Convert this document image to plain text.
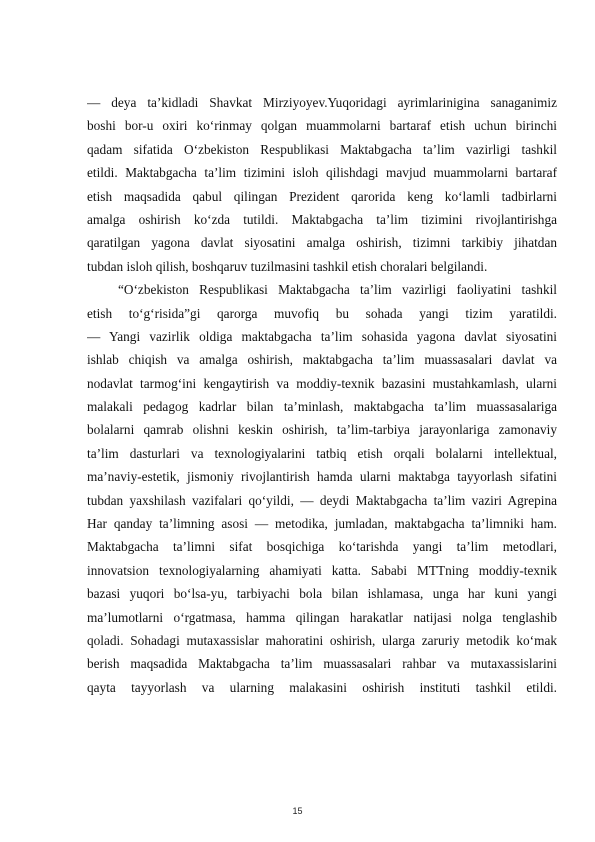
— deya ta’kidladi Shavkat Mirziyoyev.Yuqoridagi ayrimlarinigina sanaganimiz
boshi bor-u oxiri ko‘rinmay qolgan muammolarni bartaraf etish uchun birinchi
qadam sifatida O‘zbekiston Respublikasi Maktabgacha ta’lim vazirligi tashkil
etildi. Maktabgacha ta’lim tizimini isloh qilishdagi mavjud muammolarni bartaraf
etish maqsadida qabul qilingan Prezident qarorida keng ko‘lamli tadbirlarni
amalga oshirish ko‘zda tutildi. Maktabgacha ta’lim tizimini rivojlantirishga
qaratilgan yagona davlat siyosatini amalga oshirish, tizimni tarkibiy jihatdan
tubdan isloh qilish, boshqaruv tuzilmasini tashkil etish choralari belgilandi.
“O‘zbekiston Respublikasi Maktabgacha ta’lim vazirligi faoliyatini tashkil
etish to‘g‘risida”gi qarorga muvofiq bu sohada yangi tizim yaratildi.
— Yangi vazirlik oldiga maktabgacha ta’lim sohasida yagona davlat siyosatini
ishlab chiqish va amalga oshirish, maktabgacha ta’lim muassasalari davlat va
nodavlat tarmog‘ini kengaytirish va moddiy-texnik bazasini mustahkamlash, ularni
malakali pedagog kadrlar bilan ta’minlash, maktabgacha ta’lim muassasalariga
bolalarni qamrab olishni keskin oshirish, ta’lim-tarbiya jarayonlariga zamonaviy
ta’lim dasturlari va texnologiyalarini tatbiq etish orqali bolalarni intellektual,
ma’naviy-estetik, jismoniy rivojlantirish hamda ularni maktabga tayyorlash sifatini
tubdan yaxshilash vazifalari qo‘yildi, — deydi Maktabgacha ta’lim vaziri Agrepina
Har qanday ta’limning asosi — metodika, jumladan, maktabgacha ta’limniki ham.
Maktabgacha ta’limni sifat bosqichiga ko‘tarishda yangi ta’lim metodlari,
innovatsion texnologiyalarning ahamiyati katta. Sababi MTTning moddiy-texnik
bazasi yuqori bo‘lsa-yu, tarbiyachi bola bilan ishlamasa, unga har kuni yangi
ma’lumotlarni o‘rgatmasa, hamma qilingan harakatlar natijasi nolga tenglashib
qoladi. Sohadagi mutaxassislar mahoratini oshirish, ularga zaruriy metodik ko‘mak
berish maqsadida Maktabgacha ta’lim muassasalari rahbar va mutaxassislarini
qayta tayyorlash va ularning malakasini oshirish instituti tashkil etildi.
15
